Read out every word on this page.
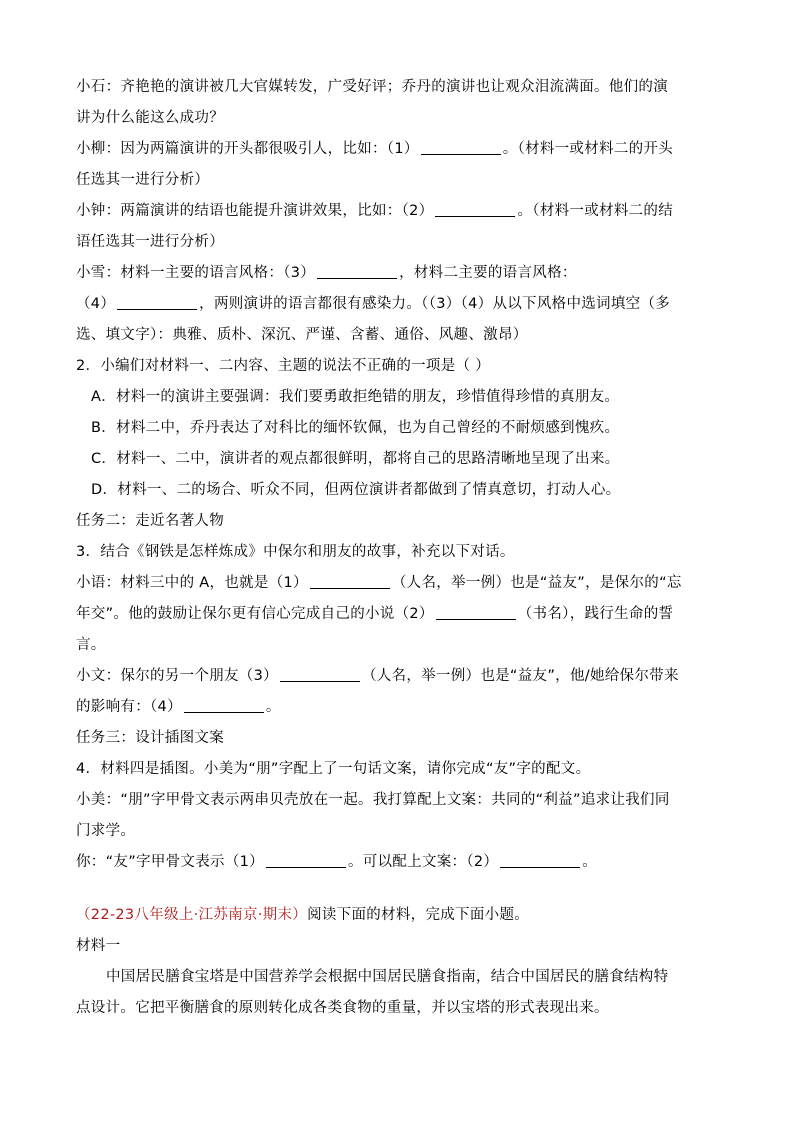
小石：齐艳艳的演讲被几大官媒转发，广受好评；乔丹的演讲也让观众泪流满面。他们的演

讲为什么能这么成功？

小柳：因为两篇演讲的开头都很吸引人，比如：（1）	。（材料一或材料二的开头

任选其一进行分析）

小钟：两篇演讲的结语也能提升演讲效果，比如：（2）	。（材料一或材料二的结

语任选其一进行分析）

小雪：材料一主要的语言风格：（3）	，材料二主要的语言风格：

（4）	，两则演讲的语言都很有感染力。（（3）（4）从以下风格中选词填空（多

选、填文字）：典雅、质朴、深沉、严谨、含蓄、通俗、风趣、激昂）

2．小编们对材料一、二内容、主题的说法不正确的一项是（ ）

A．材料一的演讲主要强调：我们要勇敢拒绝错的朋友，珍惜值得珍惜的真朋友。

B．材料二中，乔丹表达了对科比的缅怀钦佩，也为自己曾经的不耐烦感到愧疚。

C．材料一、二中，演讲者的观点都很鲜明，都将自己的思路清晰地呈现了出来。

D．材料一、二的场合、听众不同，但两位演讲者都做到了情真意切，打动人心。

任务二：走近名著人物

3．结合《钢铁是怎样炼成》中保尔和朋友的故事，补充以下对话。

小语：材料三中的 A，也就是（1）	（人名，举一例）也是“益友”，是保尔的“忘

年交”。他的鼓励让保尔更有信心完成自己的小说（2）	（书名），践行生命的誓

言。

小文：保尔的另一个朋友（3）	（人名，举一例）也是“益友”，他/她给保尔带来

的影响有：（4）	。

任务三：设计插图文案

4．材料四是插图。小美为“朋”字配上了一句话文案，请你完成“友”字的配文。

小美：“朋”字甲骨文表示两串贝壳放在一起。我打算配上文案：共同的“利益”追求让我们同

门求学。

你：“友”字甲骨文表示（1）	。可以配上文案：（2）	。

（22-23八年级上·江苏南京·期末）阅读下面的材料，完成下面小题。

材料一

中国居民膳食宝塔是中国营养学会根据中国居民膳食指南，结合中国居民的膳食结构特

点设计。它把平衡膳食的原则转化成各类食物的重量，并以宝塔的形式表现出来。
